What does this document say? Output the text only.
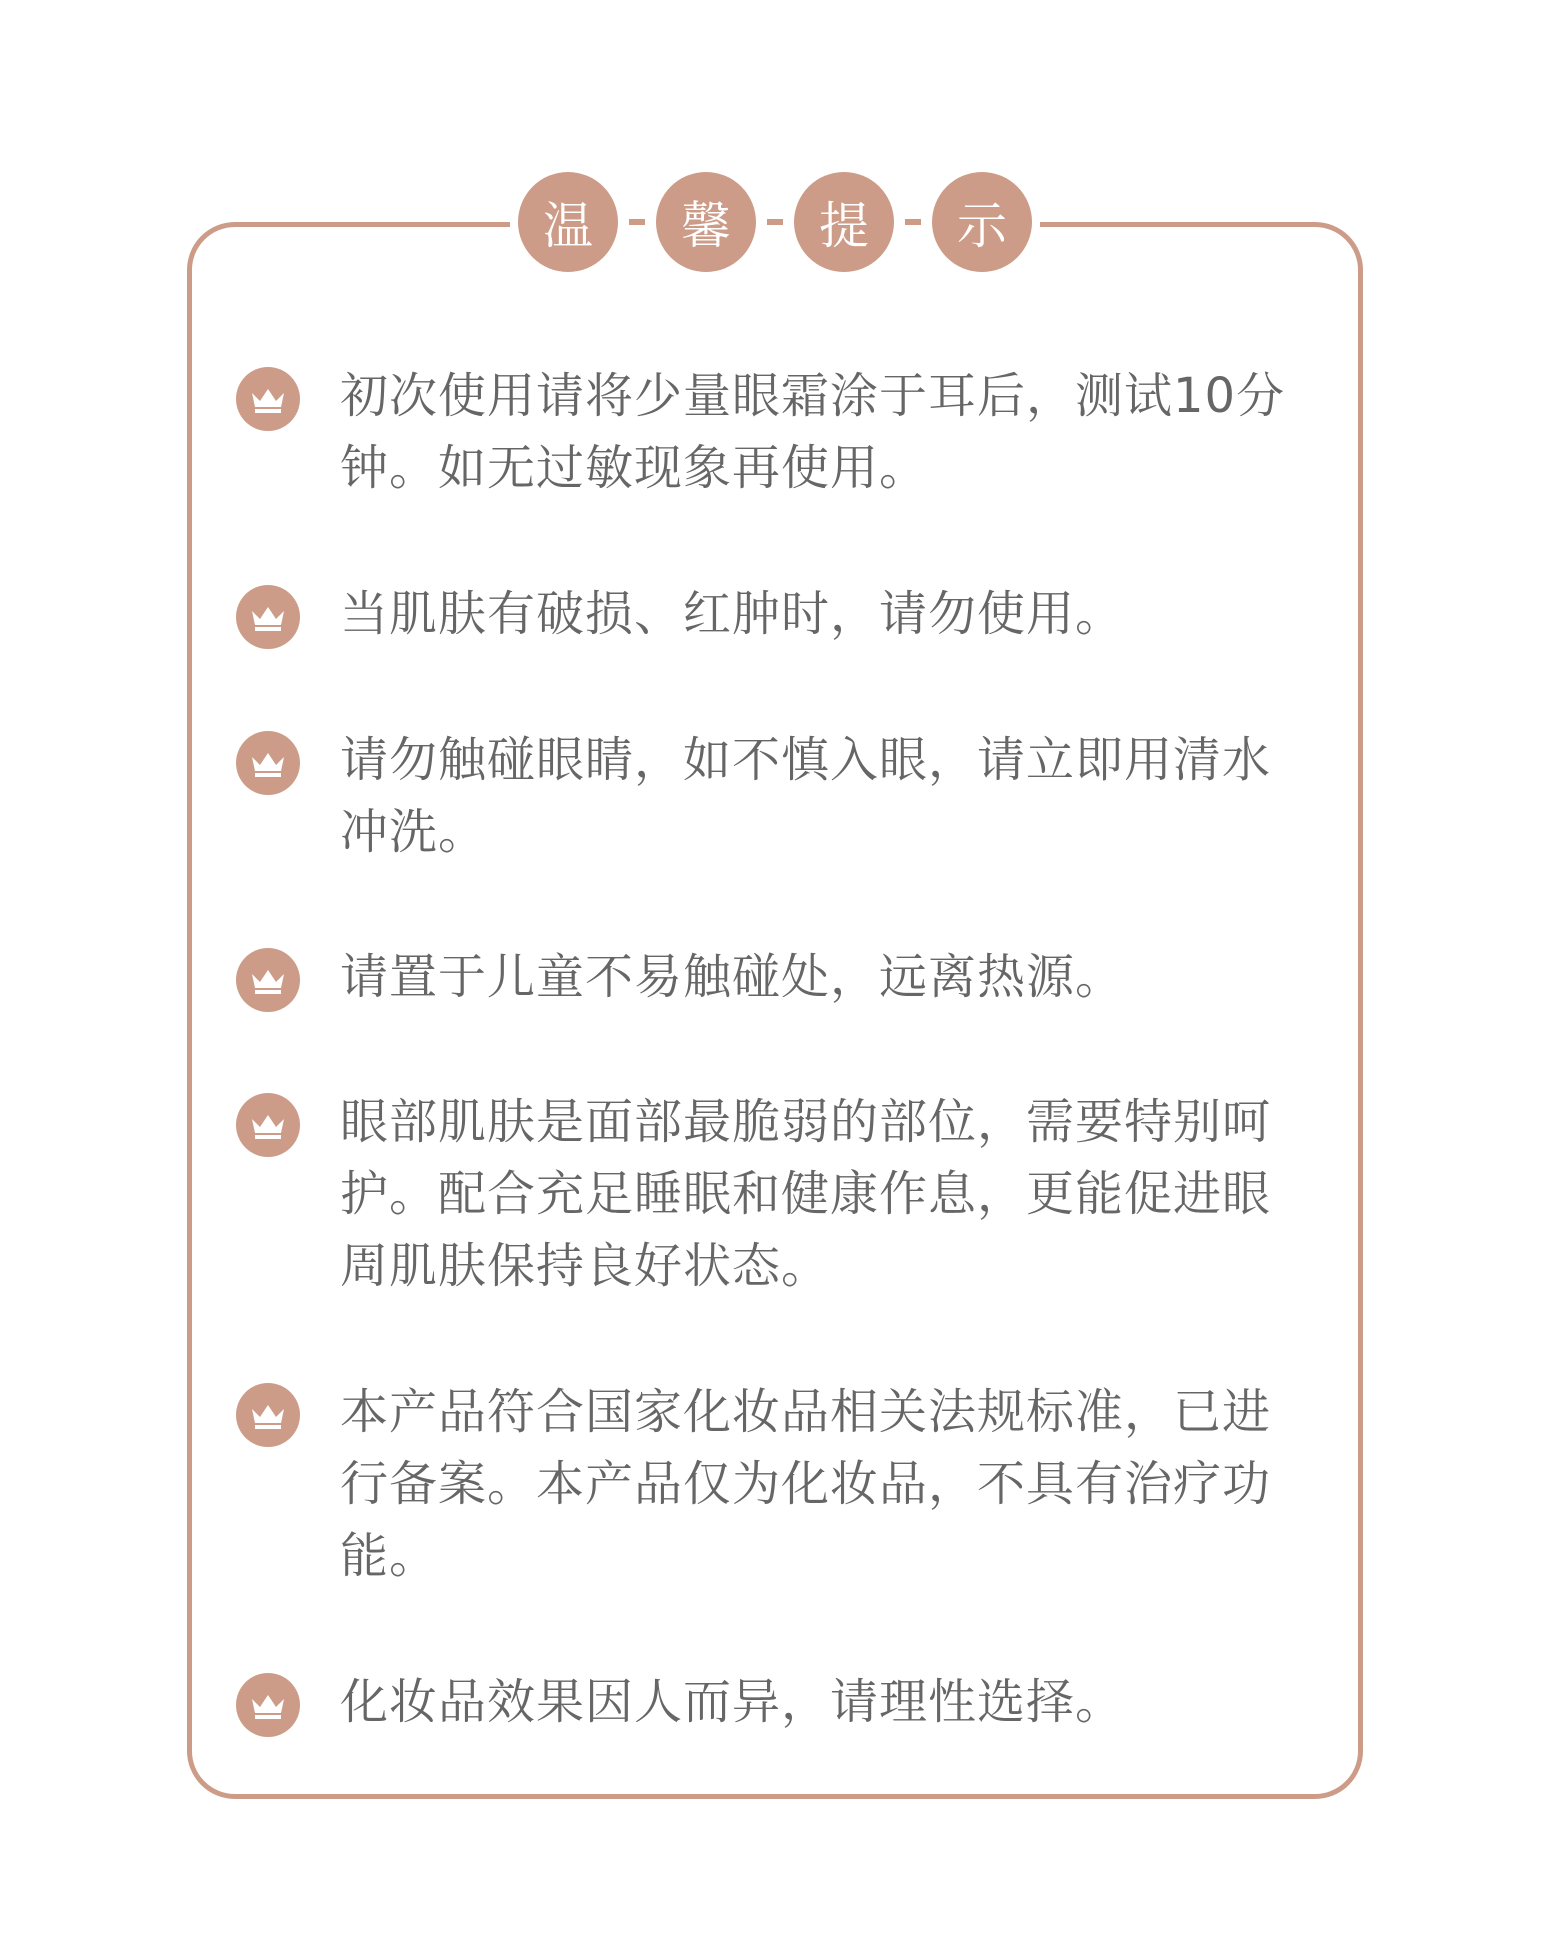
温	馨	提	示
初次使用请将少量眼霜涂于耳后，测试10分钟。如无过敏现象再使用。
当肌肤有破损、红肿时，请勿使用。
请勿触碰眼睛，如不慎入眼，请立即用清水冲洗。
请置于儿童不易触碰处，远离热源。
眼部肌肤是面部最脆弱的部位，需要特别呵护。配合充足睡眠和健康作息，更能促进眼周肌肤保持良好状态。
本产品符合国家化妆品相关法规标准，已进行备案。本产品仅为化妆品，不具有治疗功能。
化妆品效果因人而异，请理性选择。
